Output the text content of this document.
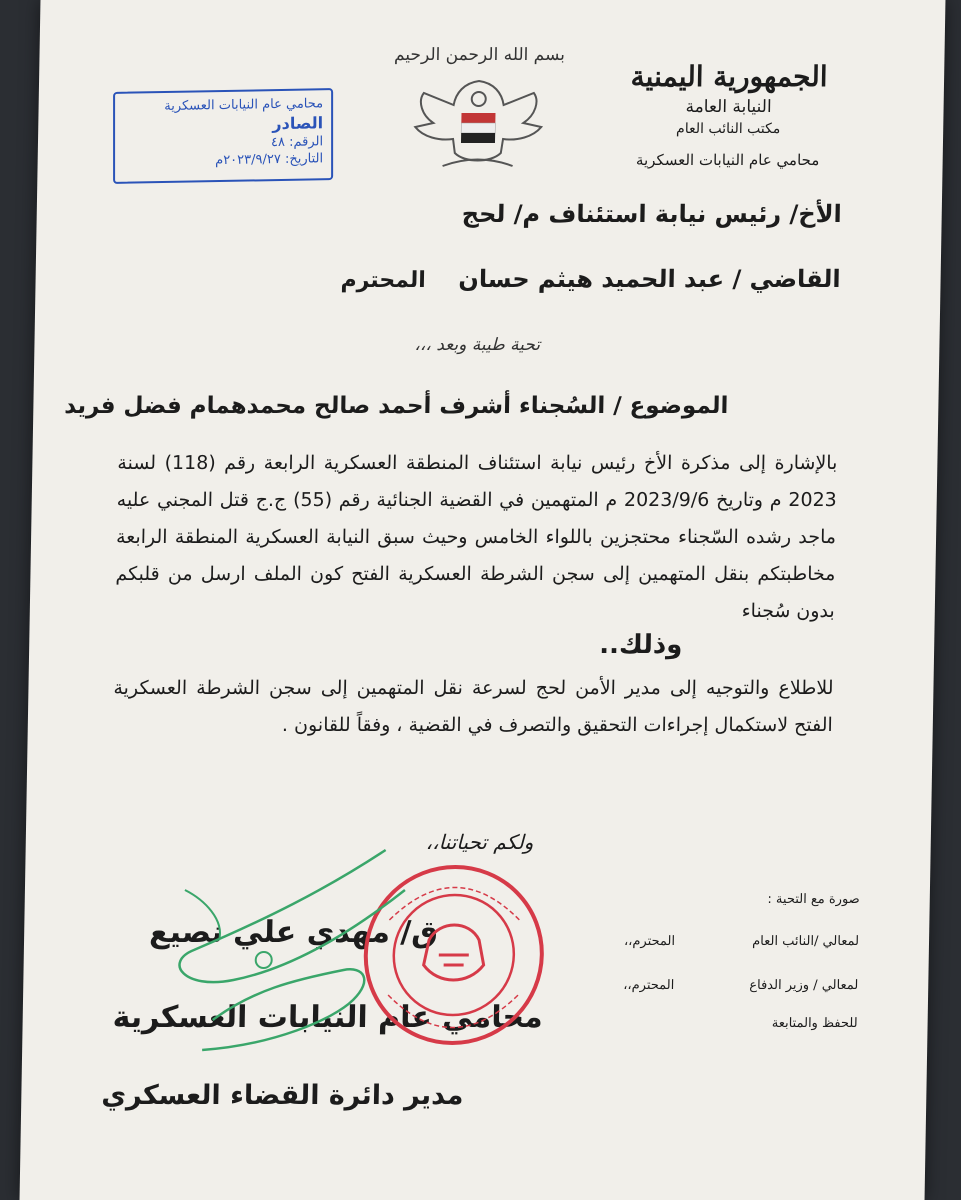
الجمهورية اليمنية
النيابة العامة
مكتب النائب العام
محامي عام النيابات العسكرية
بسم الله الرحمن الرحيم
محامي عام النيابات العسكرية
الصادر
الرقم: ٤٨
التاريخ: ٢٠٢٣/٩/٢٧م
الأخ/ رئيس نيابة استئناف م/ لحج
القاضي / عبد الحميد هيثم حسان
المحترم
تحية طيبة وبعد ،،،
الموضوع / السُجناء أشرف أحمد صالح محمدهمام فضل فريد
بالإشارة إلى مذكرة الأخ رئيس نيابة استئناف المنطقة العسكرية الرابعة رقم (118) لسنة 2023 م وتاريخ 2023/9/6 م المتهمين في القضية الجنائية رقم (55) ج.ج قتل المجني عليه ماجد رشده السّجناء محتجزين باللواء الخامس وحيث سبق النيابة العسكرية المنطقة الرابعة مخاطبتكم بنقل المتهمين إلى سجن الشرطة العسكرية الفتح كون الملف ارسل من قلبكم بدون سُجناء
وذلك..
للاطلاع والتوجيه إلى مدير الأمن لحج لسرعة نقل المتهمين إلى سجن الشرطة العسكرية الفتح لاستكمال إجراءات التحقيق والتصرف في القضية ، وفقاً للقانون .
ولكم تحياتنا،،
صورة مع التحية :
لمعالي /النائب العام
المحترم،،
لمعالي / وزير الدفاع
المحترم،،
للحفظ والمتابعة
ق/ مهدي علي نصيع
محامي عام النيابات العسكرية
مدير دائرة القضاء العسكري
